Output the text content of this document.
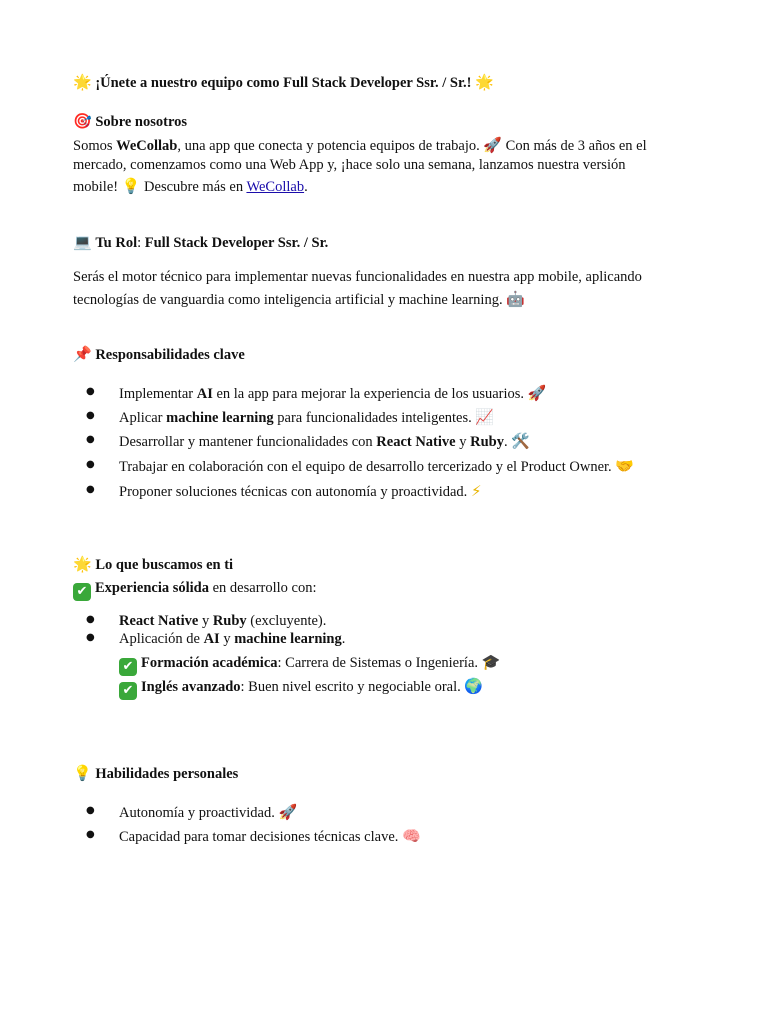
🌟 ¡Únete a nuestro equipo como Full Stack Developer Ssr. / Sr.! 🌟
🎯 Sobre nosotros
Somos WeCollab, una app que conecta y potencia equipos de trabajo. 🚀 Con más de 3 años en el
mercado, comenzamos como una Web App y, ¡hace solo una semana, lanzamos nuestra versión
mobile! 💡 Descubre más en WeCollab.
💻 Tu Rol: Full Stack Developer Ssr. / Sr.
Serás el motor técnico para implementar nuevas funcionalidades en nuestra app mobile, aplicando
tecnologías de vanguardia como inteligencia artificial y machine learning. 🤖
📌 Responsabilidades clave
● Implementar AI en la app para mejorar la experiencia de los usuarios. 🚀
● Aplicar machine learning para funcionalidades inteligentes. 📈
● Desarrollar y mantener funcionalidades con React Native y Ruby. 🛠️
● Trabajar en colaboración con el equipo de desarrollo tercerizado y el Product Owner. 🤝
● Proponer soluciones técnicas con autonomía y proactividad. ⚡
🌟 Lo que buscamos en ti
✔ Experiencia sólida en desarrollo con:
● React Native y Ruby (excluyente).
● Aplicación de AI y machine learning.
✔ Formación académica: Carrera de Sistemas o Ingeniería. 🎓
✔ Inglés avanzado: Buen nivel escrito y negociable oral. 🌍
💡 Habilidades personales
● Autonomía y proactividad. 🚀
● Capacidad para tomar decisiones técnicas clave. 🧠
